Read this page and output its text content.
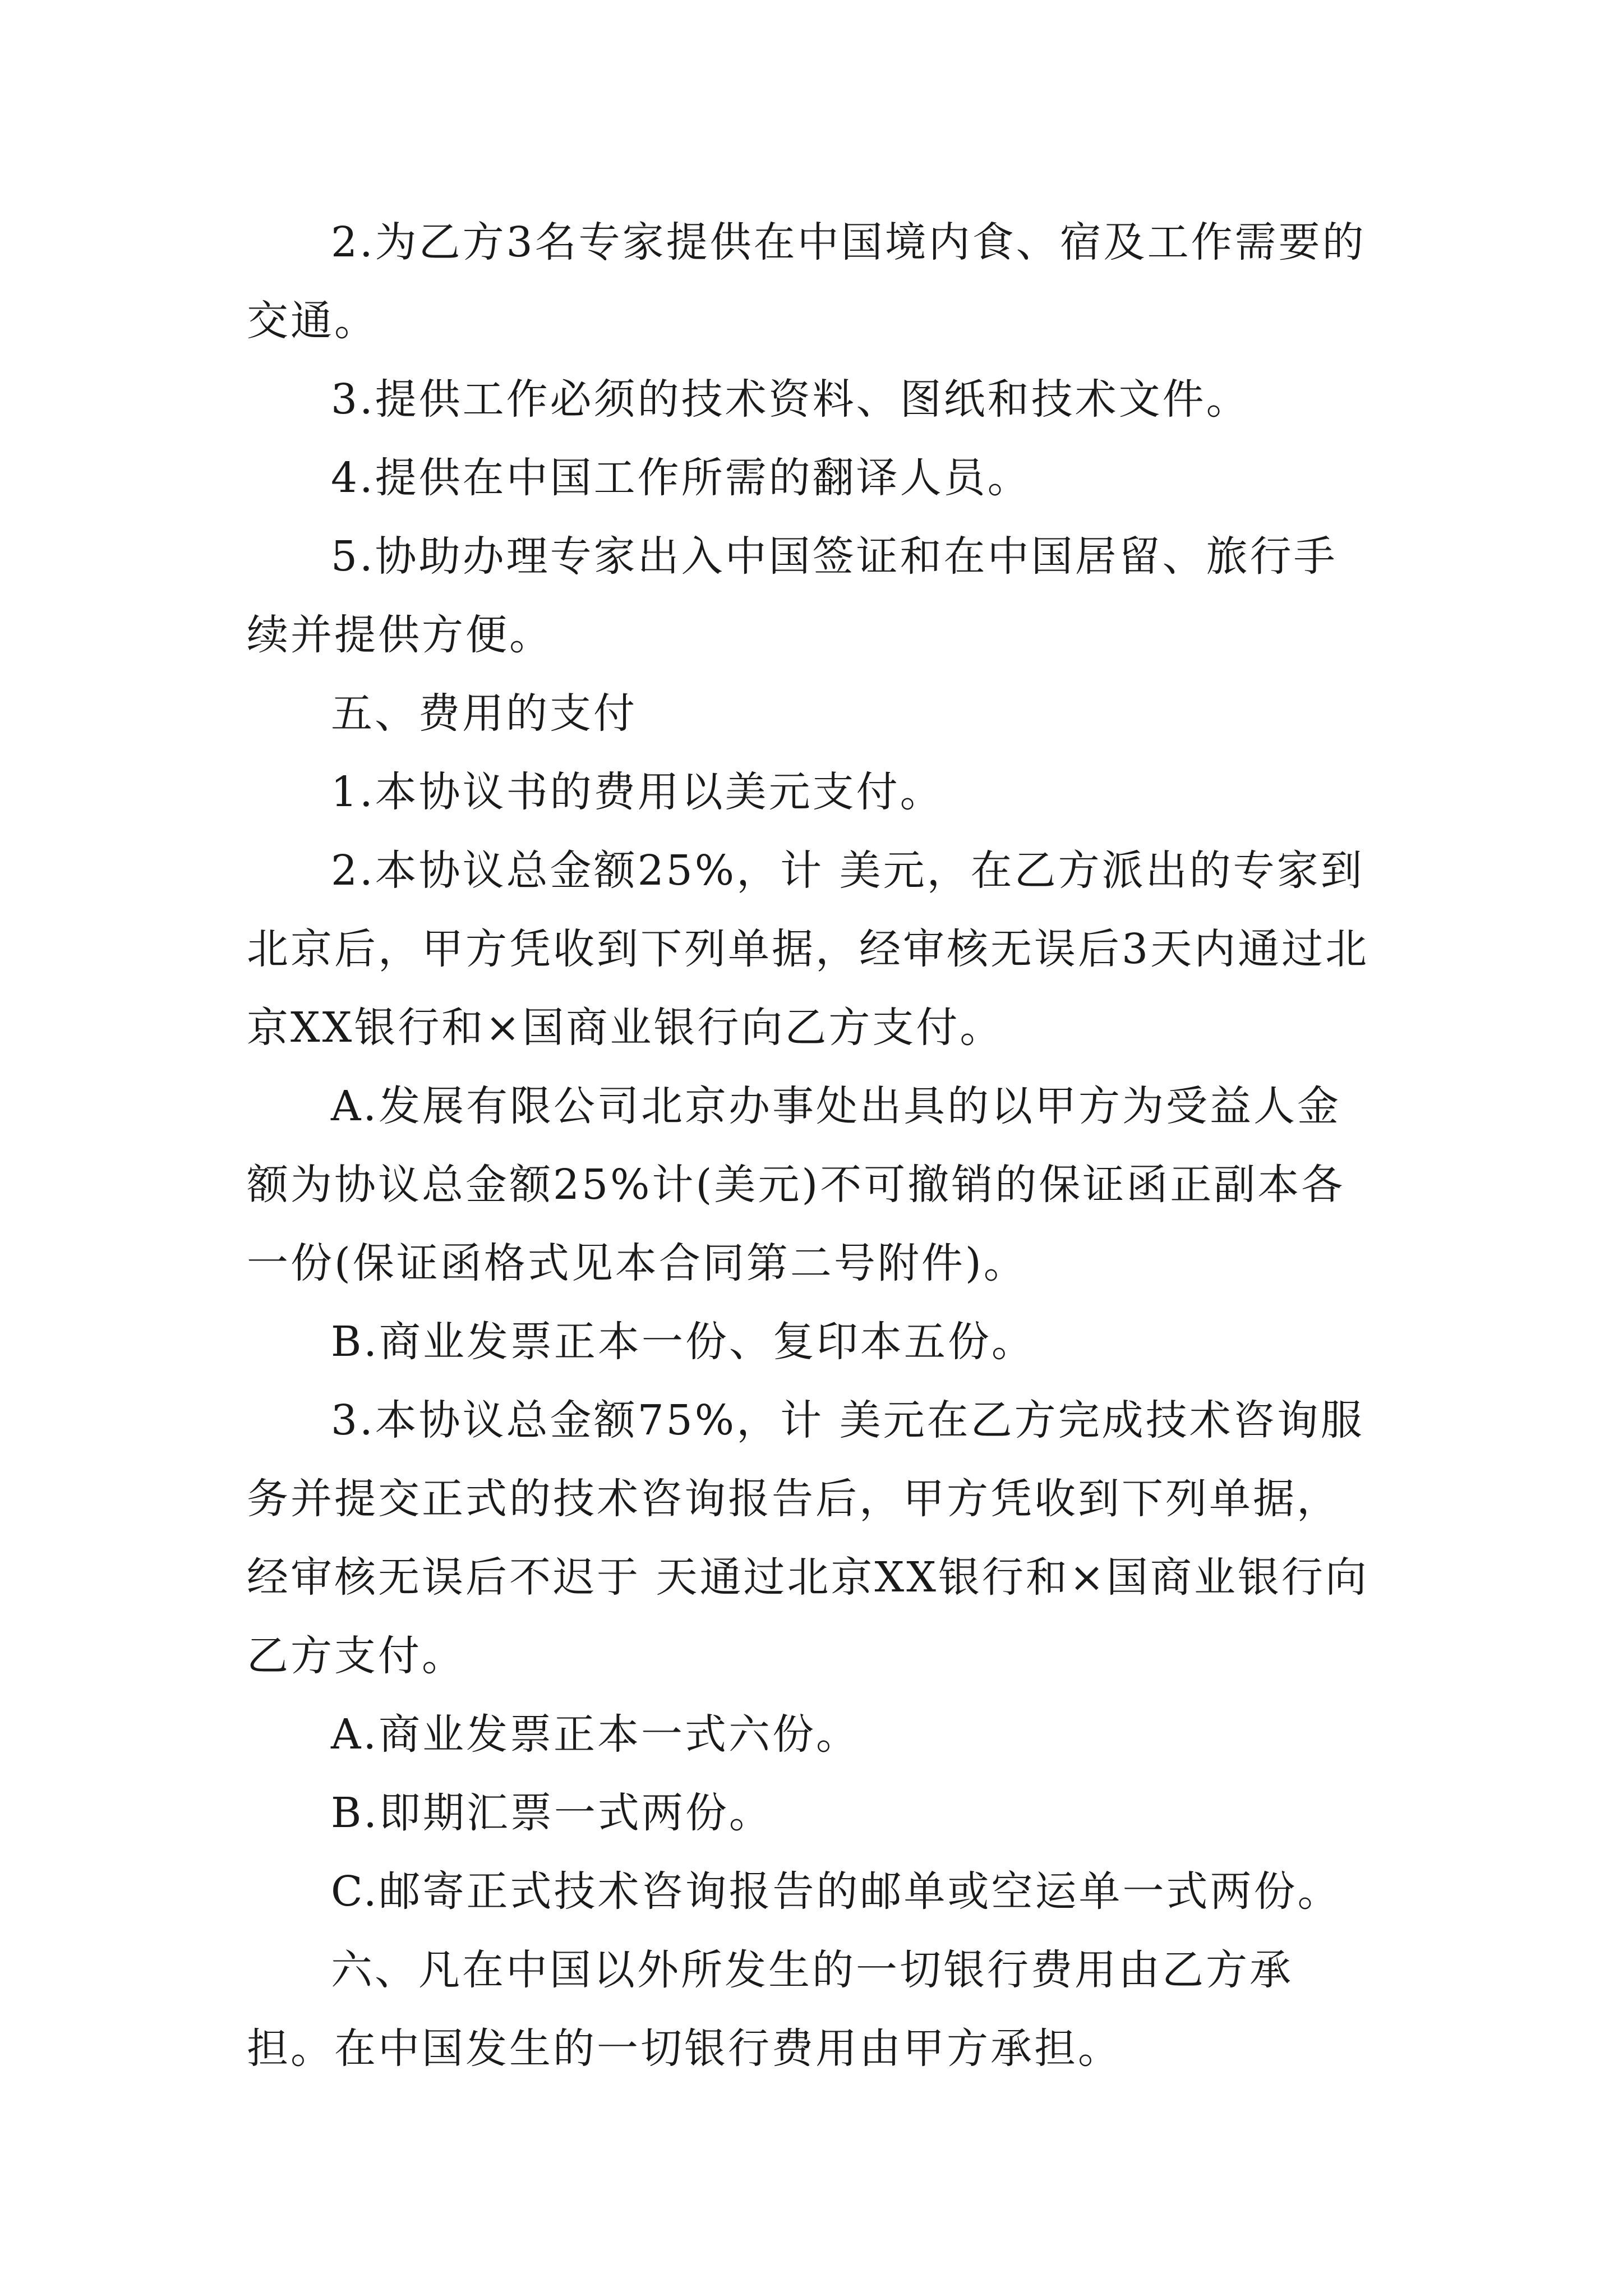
2.为乙方3名专家提供在中国境内食、宿及工作需要的交通。

3.提供工作必须的技术资料、图纸和技术文件。

4.提供在中国工作所需的翻译人员。

5.协助办理专家出入中国签证和在中国居留、旅行手续并提供方便。

五、费用的支付

1.本协议书的费用以美元支付。

2.本协议总金额25%，计 美元，在乙方派出的专家到北京后，甲方凭收到下列单据，经审核无误后3天内通过北京XX银行和×国商业银行向乙方支付。

A.发展有限公司北京办事处出具的以甲方为受益人金额为协议总金额25%计(美元)不可撤销的保证函正副本各一份(保证函格式见本合同第二号附件)。

B.商业发票正本一份、复印本五份。

3.本协议总金额75%，计 美元在乙方完成技术咨询服务并提交正式的技术咨询报告后，甲方凭收到下列单据，经审核无误后不迟于 天通过北京XX银行和×国商业银行向乙方支付。

A.商业发票正本一式六份。

B.即期汇票一式两份。

C.邮寄正式技术咨询报告的邮单或空运单一式两份。

六、凡在中国以外所发生的一切银行费用由乙方承担。在中国发生的一切银行费用由甲方承担。
